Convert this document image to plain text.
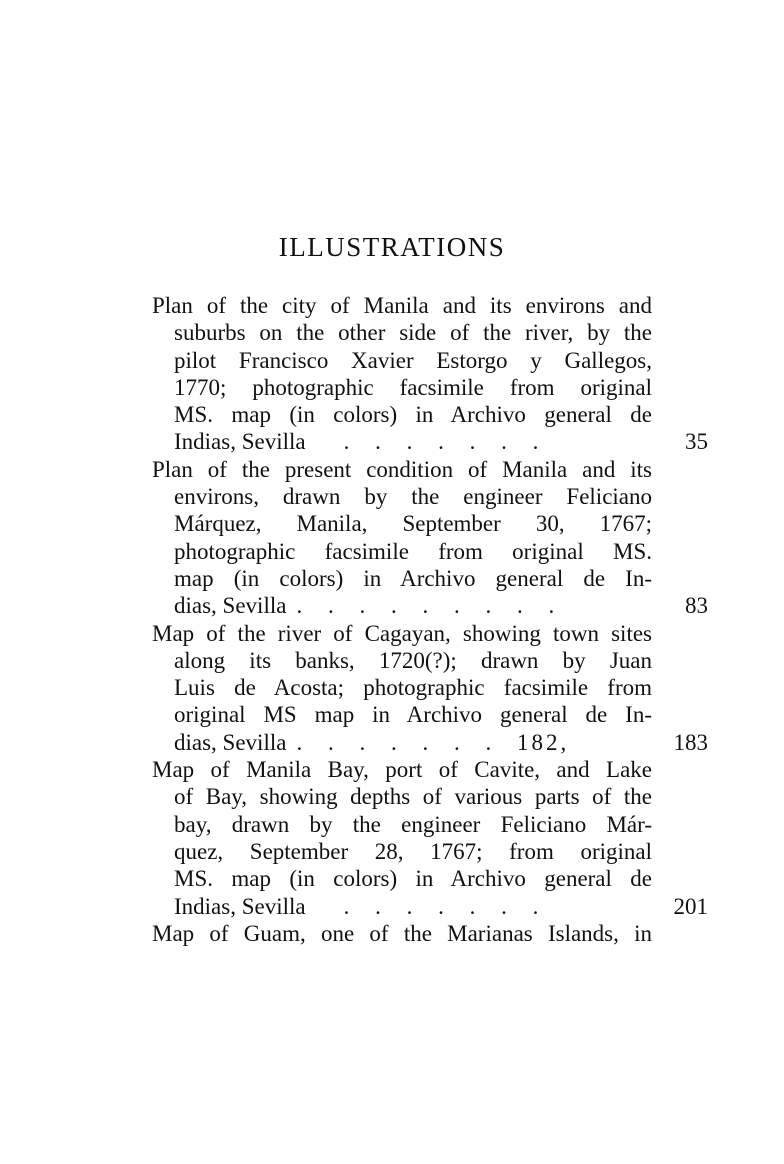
ILLUSTRATIONS
Plan of the city of Manila and its environs and
suburbs on the other side of the river, by the
pilot Francisco Xavier Estorgo y Gallegos,
1770; photographic facsimile from original
MS. map (in colors) in Archivo general de
Indias, Sevilla . . . . . . .	35
Plan of the present condition of Manila and its
environs, drawn by the engineer Feliciano
Márquez, Manila, September 30, 1767;
photographic facsimile from original MS.
map (in colors) in Archivo general de In-
dias, Sevilla . . . . . . . . .	83
Map of the river of Cagayan, showing town sites
along its banks, 1720(?); drawn by Juan
Luis de Acosta; photographic facsimile from
original MS map in Archivo general de In-
dias, Sevilla . . . . . . . 182,	183
Map of Manila Bay, port of Cavite, and Lake
of Bay, showing depths of various parts of the
bay, drawn by the engineer Feliciano Már-
quez, September 28, 1767; from original
MS. map (in colors) in Archivo general de
Indias, Sevilla . . . . . . .	201
Map of Guam, one of the Marianas Islands, in
